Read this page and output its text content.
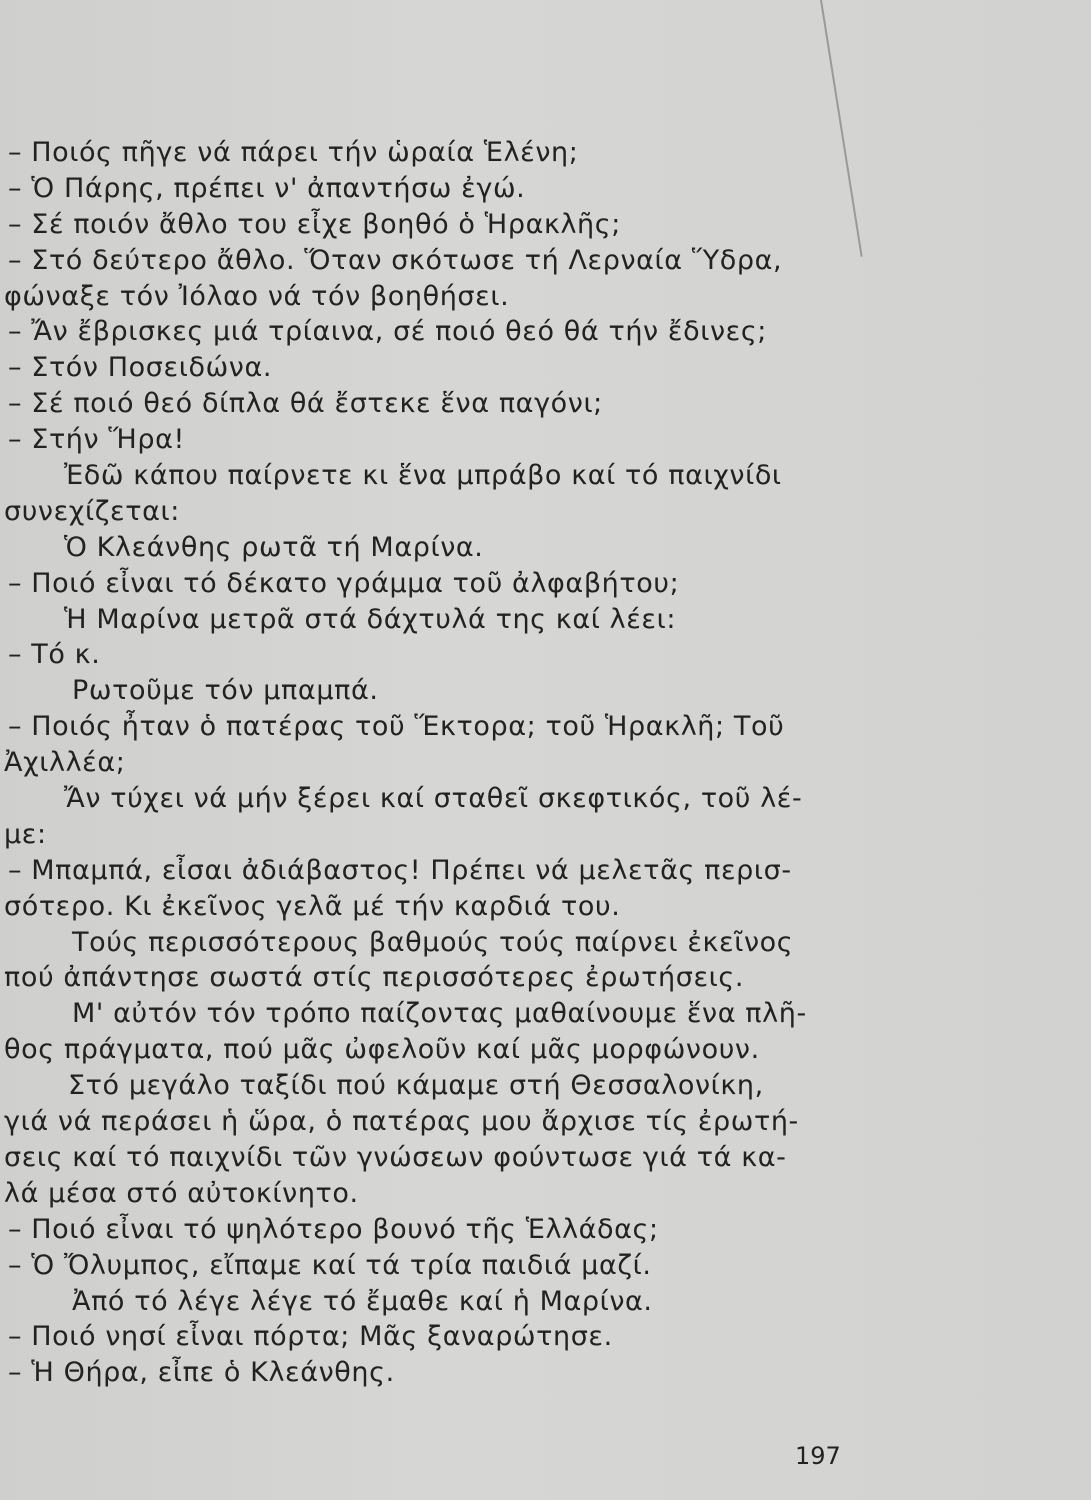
– Ποιός πῆγε νά πάρει τήν ὡραία Ἑλένη;
– Ὁ Πάρης, πρέπει ν' ἀπαντήσω ἐγώ.
– Σέ ποιόν ἄθλο του εἶχε βοηθό ὁ Ἡρακλῆς;
– Στό δεύτερο ἄθλο. Ὅταν σκότωσε τή Λερναία Ὕδρα,
φώναξε τόν Ἰόλαο νά τόν βοηθήσει.
– Ἄν ἔβρισκες μιά τρίαινα, σέ ποιό θεό θά τήν ἔδινες;
– Στόν Ποσειδώνα.
– Σέ ποιό θεό δίπλα θά ἔστεκε ἕνα παγόνι;
– Στήν Ἥρα!
Ἐδῶ κάπου παίρνετε κι ἕνα μπράβο καί τό παιχνίδι
συνεχίζεται:
Ὁ Κλεάνθης ρωτᾶ τή Μαρίνα.
– Ποιό εἶναι τό δέκατο γράμμα τοῦ ἀλφαβήτου;
Ἡ Μαρίνα μετρᾶ στά δάχτυλά της καί λέει:
– Τό κ.
Ρωτοῦμε τόν μπαμπά.
– Ποιός ἦταν ὁ πατέρας τοῦ Ἕκτορα; τοῦ Ἡρακλῆ; Τοῦ
Ἀχιλλέα;
Ἄν τύχει νά μήν ξέρει καί σταθεῖ σκεφτικός, τοῦ λέ-
με:
– Μπαμπά, εἶσαι ἀδιάβαστος! Πρέπει νά μελετᾶς περισ-
σότερο. Κι ἐκεῖνος γελᾶ μέ τήν καρδιά του.
Τούς περισσότερους βαθμούς τούς παίρνει ἐκεῖνος
πού ἀπάντησε σωστά στίς περισσότερες ἐρωτήσεις.
Μ' αὐτόν τόν τρόπο παίζοντας μαθαίνουμε ἕνα πλῆ-
θος πράγματα, πού μᾶς ὠφελοῦν καί μᾶς μορφώνουν.
Στό μεγάλο ταξίδι πού κάμαμε στή Θεσσαλονίκη,
γιά νά περάσει ἡ ὥρα, ὁ πατέρας μου ἄρχισε τίς ἐρωτή-
σεις καί τό παιχνίδι τῶν γνώσεων φούντωσε γιά τά κα-
λά μέσα στό αὐτοκίνητο.
– Ποιό εἶναι τό ψηλότερο βουνό τῆς Ἑλλάδας;
– Ὁ Ὄλυμπος, εἴπαμε καί τά τρία παιδιά μαζί.
Ἀπό τό λέγε λέγε τό ἔμαθε καί ἡ Μαρίνα.
– Ποιό νησί εἶναι πόρτα; Μᾶς ξαναρώτησε.
– Ἡ Θήρα, εἶπε ὁ Κλεάνθης.
197
